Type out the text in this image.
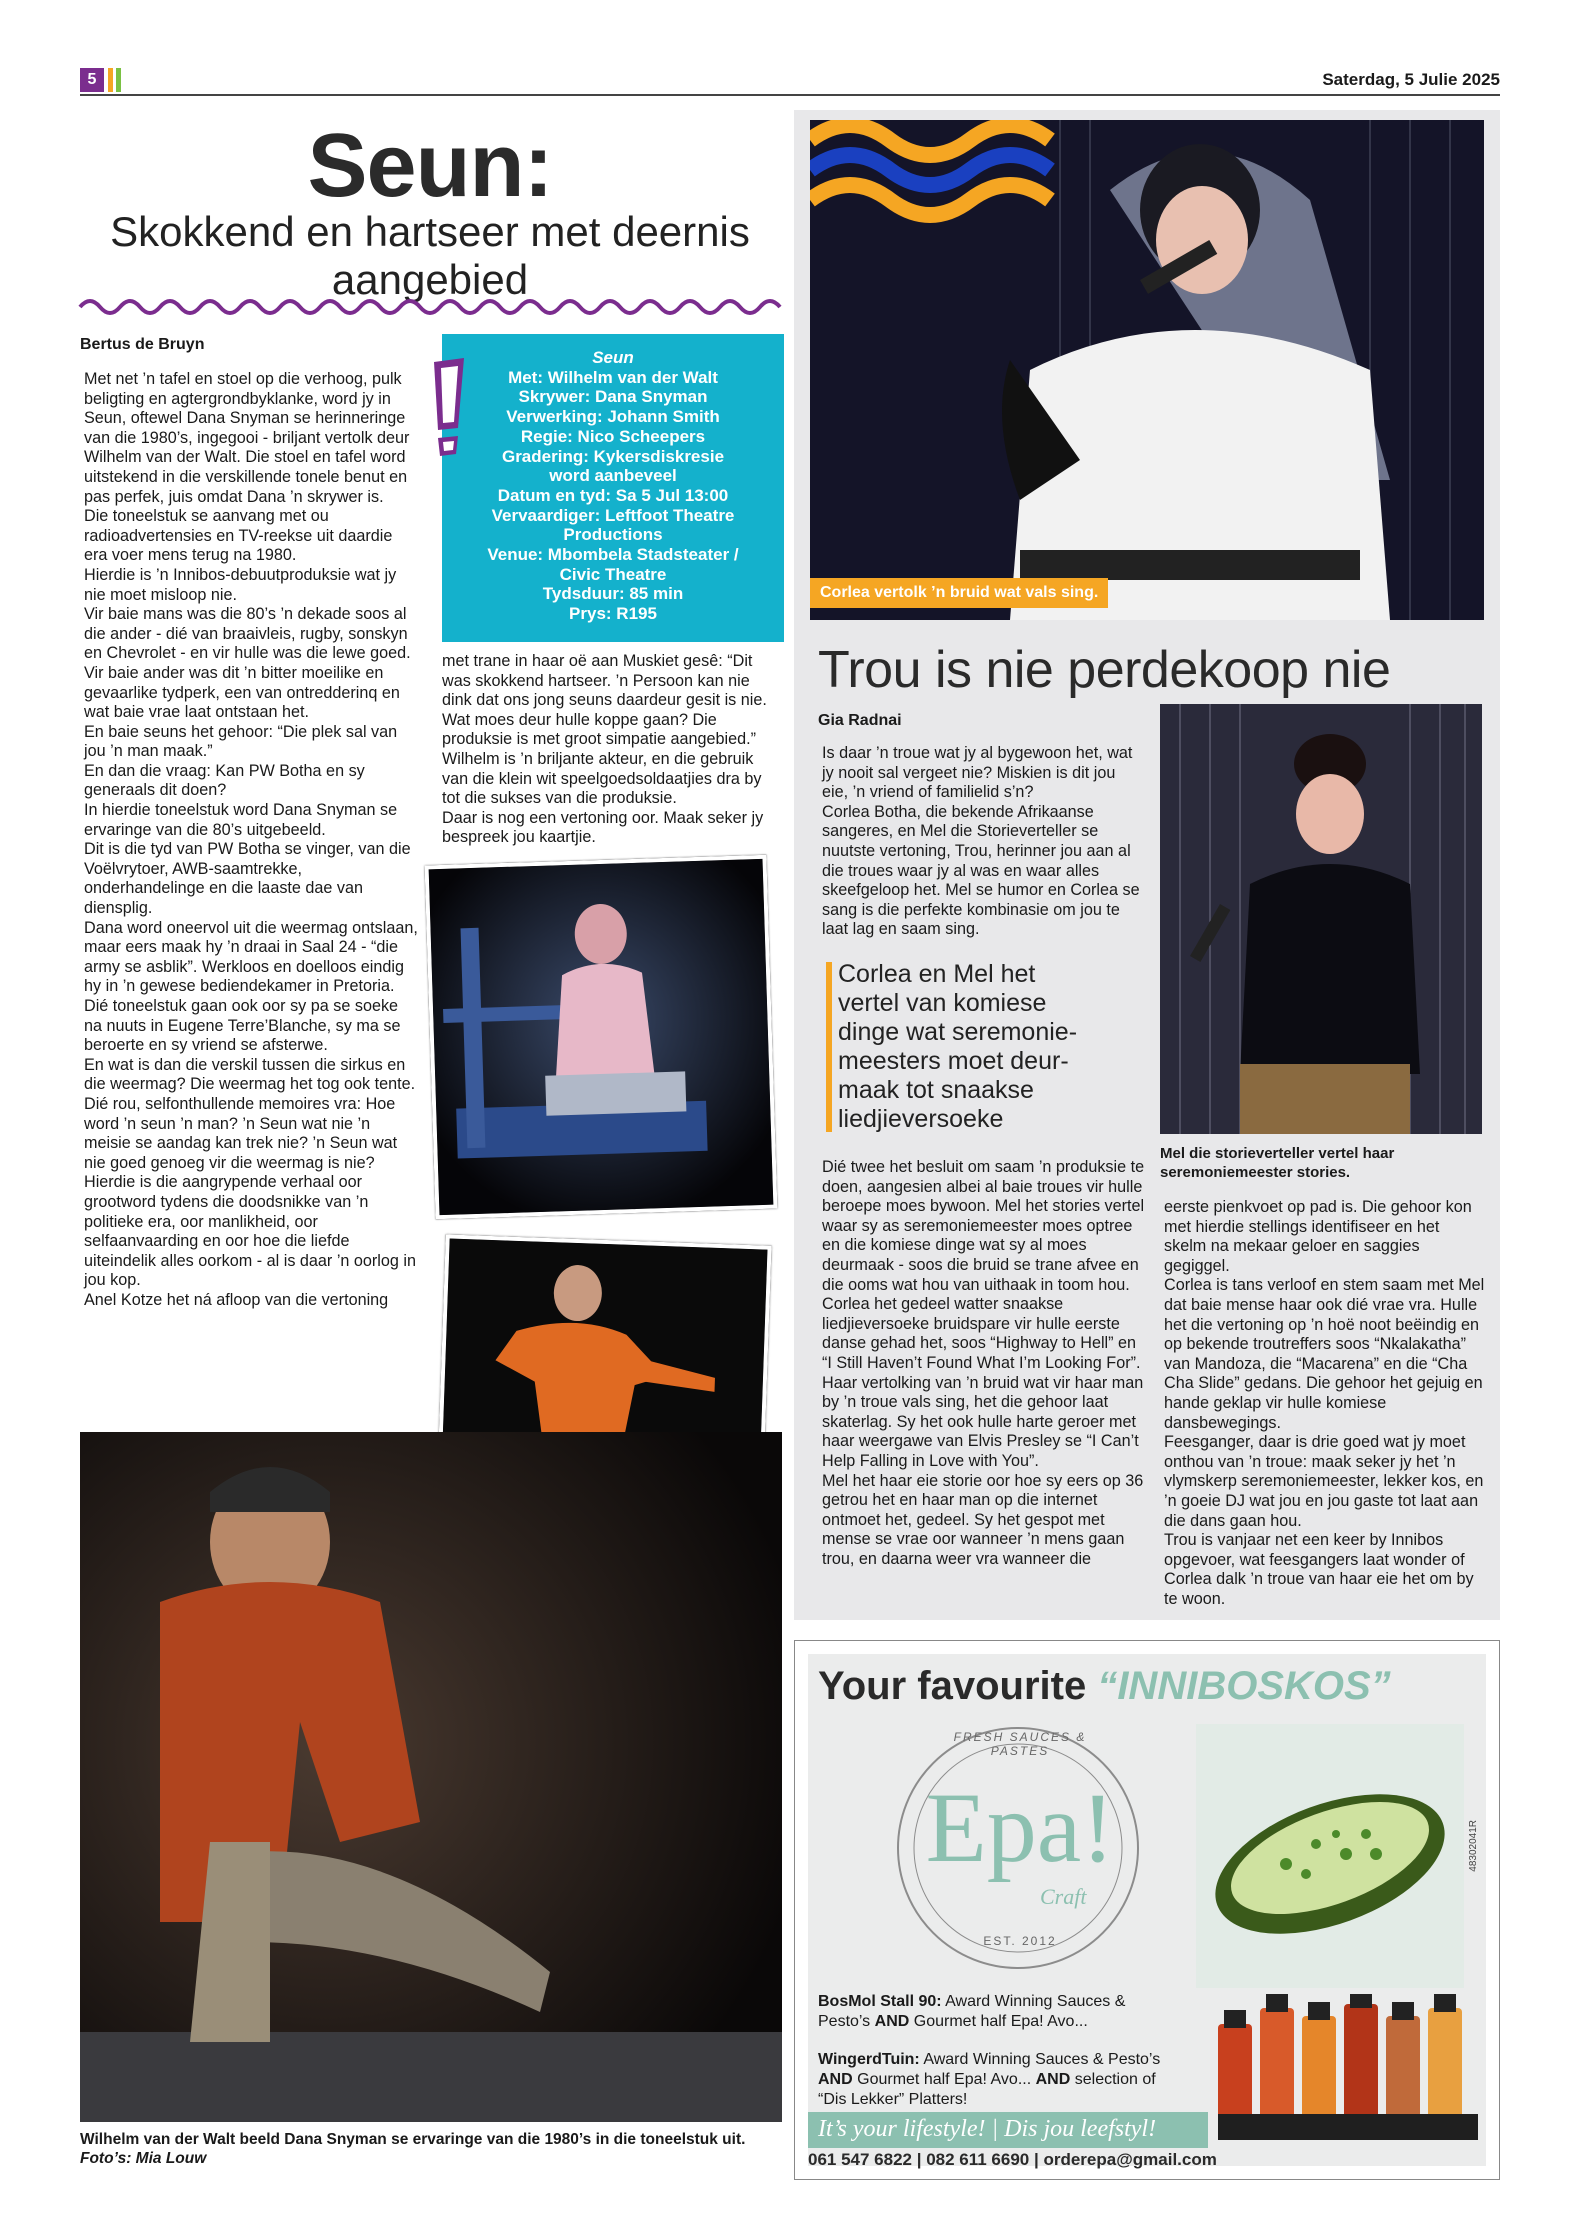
5	Saterdag, 5 Julie 2025
Seun:
Skokkend en hartseer met deernis aangebied
Bertus de Bruyn

Met net ’n tafel en stoel op die verhoog, pulk beligting en agtergrondbyklanke, word jy in Seun, oftewel Dana Snyman se herinneringe van die 1980’s, ingegooi - briljant vertolk deur Wilhelm van der Walt. Die stoel en tafel word uitstekend in die verskillende tonele benut en pas perfek, juis omdat Dana ’n skrywer is.

Die toneelstuk se aanvang met ou radioadvertensies en TV-reekse uit daardie era voer mens terug na 1980.

Hierdie is ’n Innibos-debuutproduksie wat jy nie moet misloop nie.

Vir baie mans was die 80’s ’n dekade soos al die ander - dié van braaivleis, rugby, sonskyn en Chevrolet - en vir hulle was die lewe goed. Vir baie ander was dit ’n bitter moeilike en gevaarlike tydperk, een van ontredderinq en wat baie vrae laat ontstaan het.

En baie seuns het gehoor: “Die plek sal van jou ’n man maak.”

En dan die vraag: Kan PW Botha en sy generaals dit doen?

In hierdie toneelstuk word Dana Snyman se ervaringe van die 80’s uitgebeeld.

Dit is die tyd van PW Botha se vinger, van die Voëlvrytoer, AWB-saamtrekke, onderhandelinge en die laaste dae van diensplig.

Dana word oneervol uit die weermag ontslaan, maar eers maak hy ’n draai in Saal 24 - “die army se asblik”. Werkloos en doelloos eindig hy in ’n gewese bediendekamer in Pretoria.

Dié toneelstuk gaan ook oor sy pa se soeke na nuuts in Eugene Terre’Blanche, sy ma se beroerte en sy vriend se afsterwe.

En wat is dan die verskil tussen die sirkus en die weermag? Die weermag het tog ook tente.

Dié rou, selfonthullende memoires vra: Hoe word ’n seun ’n man? ’n Seun wat nie ’n meisie se aandag kan trek nie? ’n Seun wat nie goed genoeg vir die weermag is nie?

Hierdie is die aangrypende verhaal oor grootword tydens die doodsnikke van ’n politieke era, oor manlikheid, oor selfaanvaarding en oor hoe die liefde uiteindelik alles oorkom - al is daar ’n oorlog in jou kop.

Anel Kotze het ná afloop van die vertoning

Seun
Met: Wilhelm van der Walt
Skrywer: Dana Snyman
Verwerking: Johann Smith
Regie: Nico Scheepers
Gradering: Kykersdiskresie
word aanbeveel
Datum en tyd: Sa 5 Jul 13:00
Vervaardiger: Leftfoot Theatre
Productions
Venue: Mbombela Stadsteater /
Civic Theatre
Tydsduur: 85 min
Prys: R195

met trane in haar oë aan Muskiet gesê: “Dit was skokkend hartseer. ’n Persoon kan nie dink dat ons jong seuns daardeur gesit is nie. Wat moes deur hulle koppe gaan? Die produksie is met groot simpatie aangebied.”

Wilhelm is ’n briljante akteur, en die gebruik van die klein wit speelgoedsoldaatjies dra by tot die sukses van die produksie.

Daar is nog een vertoning oor. Maak seker jy bespreek jou kaartjie.

Wilhelm van der Walt beeld Dana Snyman se ervaringe van die 1980’s in die toneelstuk uit. Foto’s: Mia Louw
Corlea vertolk ’n bruid wat vals sing.
Trou is nie perdekoop nie
Gia Radnai

Is daar ’n troue wat jy al bygewoon het, wat jy nooit sal vergeet nie? Miskien is dit jou eie, ’n vriend of familielid s’n?

Corlea Botha, die bekende Afrikaanse sangeres, en Mel die Storieverteller se nuutste vertoning, Trou, herinner jou aan al die troues waar jy al was en waar alles skeefgeloop het. Mel se humor en Corlea se sang is die perfekte kombinasie om jou te laat lag en saam sing.

Corlea en Mel het vertel van komiese dinge wat seremonie-meesters moet deur-maak tot snaakse liedjieversoeke
Mel die storieverteller vertel haar seremoniemeester stories.

Dié twee het besluit om saam ’n produksie te doen, aangesien albei al baie troues vir hulle beroepe moes bywoon. Mel het stories vertel waar sy as seremoniemeester moes optree en die komiese dinge wat sy al moes deurmaak - soos die bruid se trane afvee en die ooms wat hou van uithaak in toom hou. Corlea het gedeel watter snaakse liedjieversoeke bruidspare vir hulle eerste danse gehad het, soos “Highway to Hell” en “I Still Haven’t Found What I’m Looking For”. Haar vertolking van ’n bruid wat vir haar man by ’n troue vals sing, het die gehoor laat skaterlag. Sy het ook hulle harte geroer met haar weergawe van Elvis Presley se “I Can’t Help Falling in Love with You”.

Mel het haar eie storie oor hoe sy eers op 36 getrou het en haar man op die internet ontmoet het, gedeel. Sy het gespot met mense se vrae oor wanneer ’n mens gaan trou, en daarna weer vra wanneer die

eerste pienkvoet op pad is. Die gehoor kon met hierdie stellings identifiseer en het skelm na mekaar geloer en saggies gegiggel.

Corlea is tans verloof en stem saam met Mel dat baie mense haar ook dié vrae vra. Hulle het die vertoning op ’n hoë noot beëindig en op bekende troutreffers soos “Nkalakatha” van Mandoza, die “Macarena” en die “Cha Cha Slide” gedans. Die gehoor het gejuig en hande geklap vir hulle komiese dansbewegings.

Feesganger, daar is drie goed wat jy moet onthou van ’n troue: maak seker jy het ’n vlymskerp seremoniemeester, lekker kos, en ’n goeie DJ wat jou en jou gaste tot laat aan die dans gaan hou.

Trou is vanjaar net een keer by Innibos opgevoer, wat feesgangers laat wonder of Corlea dalk ’n troue van haar eie het om by te woon.

Your favourite “INNIBOSKOS”
FRESH SAUCES & PASTES
Epa!
Craft
EST. 2012
48302041R
BosMol Stall 90: Award Winning Sauces & Pesto’s AND Gourmet half Epa! Avo...
WingerdTuin: Award Winning Sauces & Pesto’s AND Gourmet half Epa! Avo... AND selection of “Dis Lekker” Platters!
It’s your lifestyle! | Dis jou leefstyl!
061 547 6822 | 082 611 6690 | orderepa@gmail.com
